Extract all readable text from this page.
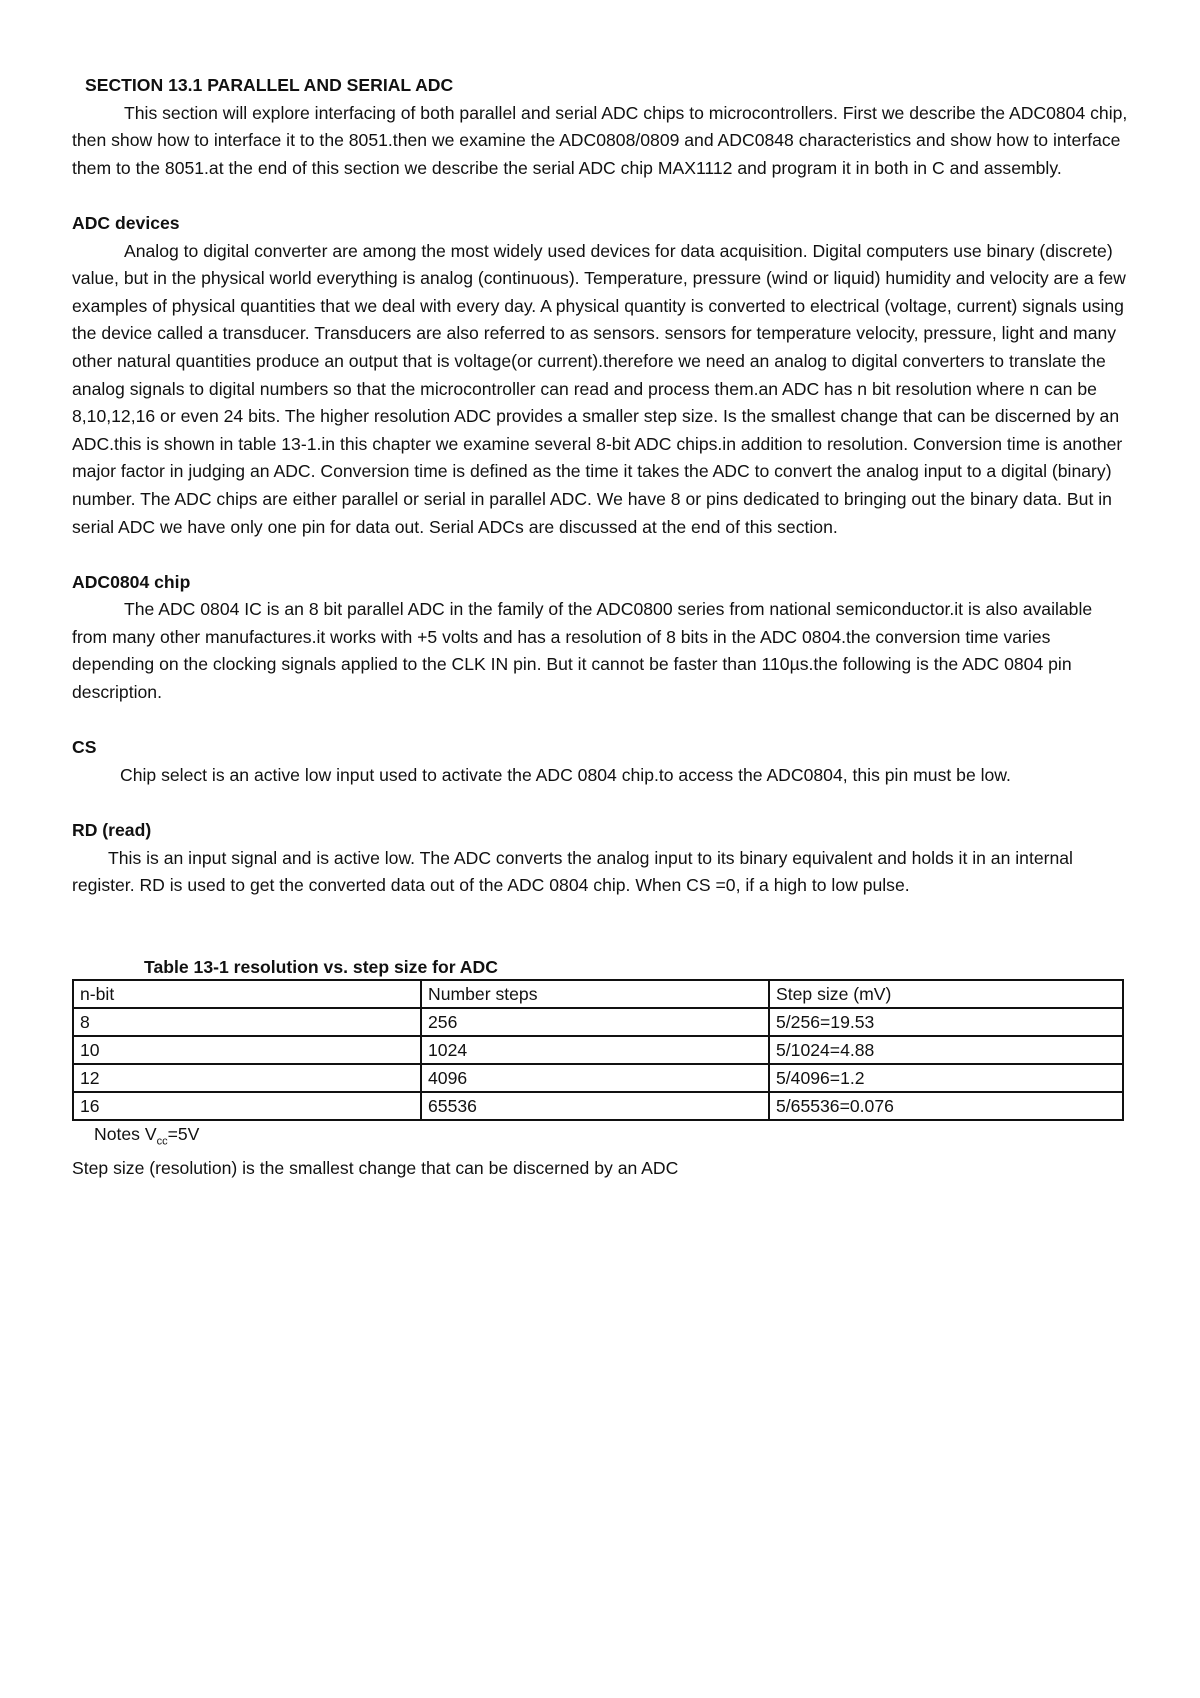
SECTION 13.1 PARALLEL AND SERIAL ADC

This section will explore interfacing of both parallel and serial ADC chips to microcontrollers. First we describe the ADC0804 chip, then show how to interface it to the 8051.then we examine the ADC0808/0809 and ADC0848 characteristics and show how to interface them to the 8051.at the end of this section we describe the serial ADC chip MAX1112 and program it in both in C and assembly.

ADC devices

Analog to digital converter are among the most widely used devices for data acquisition. Digital computers use binary (discrete) value, but in the physical world everything is analog (continuous). Temperature, pressure (wind or liquid) humidity and velocity are a few examples of physical quantities that we deal with every day. A physical quantity is converted to electrical (voltage, current) signals using the device called a transducer. Transducers are also referred to as sensors. sensors for temperature velocity, pressure, light and many other natural quantities produce an output that is voltage(or current).therefore we need an analog to digital converters to translate the analog signals to digital numbers so that the microcontroller can read and process them.an ADC has n bit resolution where n can be 8,10,12,16 or even 24 bits. The higher resolution ADC provides a smaller step size. Is the smallest change that can be discerned by an ADC.this is shown in table 13-1.in this chapter we examine several 8-bit ADC chips.in addition to resolution. Conversion time is another major factor in judging an ADC. Conversion time is defined as the time it takes the ADC to convert the analog input to a digital (binary) number. The ADC chips are either parallel or serial in parallel ADC. We have 8 or pins dedicated to bringing out the binary data. But in serial ADC we have only one pin for data out. Serial ADCs are discussed at the end of this section.

ADC0804 chip

The ADC 0804 IC is an 8 bit parallel ADC in the family of the ADC0800 series from national semiconductor.it is also available from many other manufactures.it works with +5 volts and has a resolution of 8 bits in the ADC 0804.the conversion time varies depending on the clocking signals applied to the CLK IN pin. But it cannot be faster than 110µs.the following is the ADC 0804 pin description.

CS

Chip select is an active low input used to activate the ADC 0804 chip.to access the ADC0804, this pin must be low.

RD (read)

This is an input signal and is active low. The ADC converts the analog input to its binary equivalent and holds it in an internal register. RD is used to get the converted data out of the ADC 0804 chip. When CS =0, if a high to low pulse.

Table 13-1 resolution vs. step size for ADC

n-bit	Number steps	Step size (mV)
8	256	5/256=19.53
10	1024	5/1024=4.88
12	4096	5/4096=1.2
16	65536	5/65536=0.076

Notes $V_{cc}=5V$

Step size (resolution) is the smallest change that can be discerned by an ADC
